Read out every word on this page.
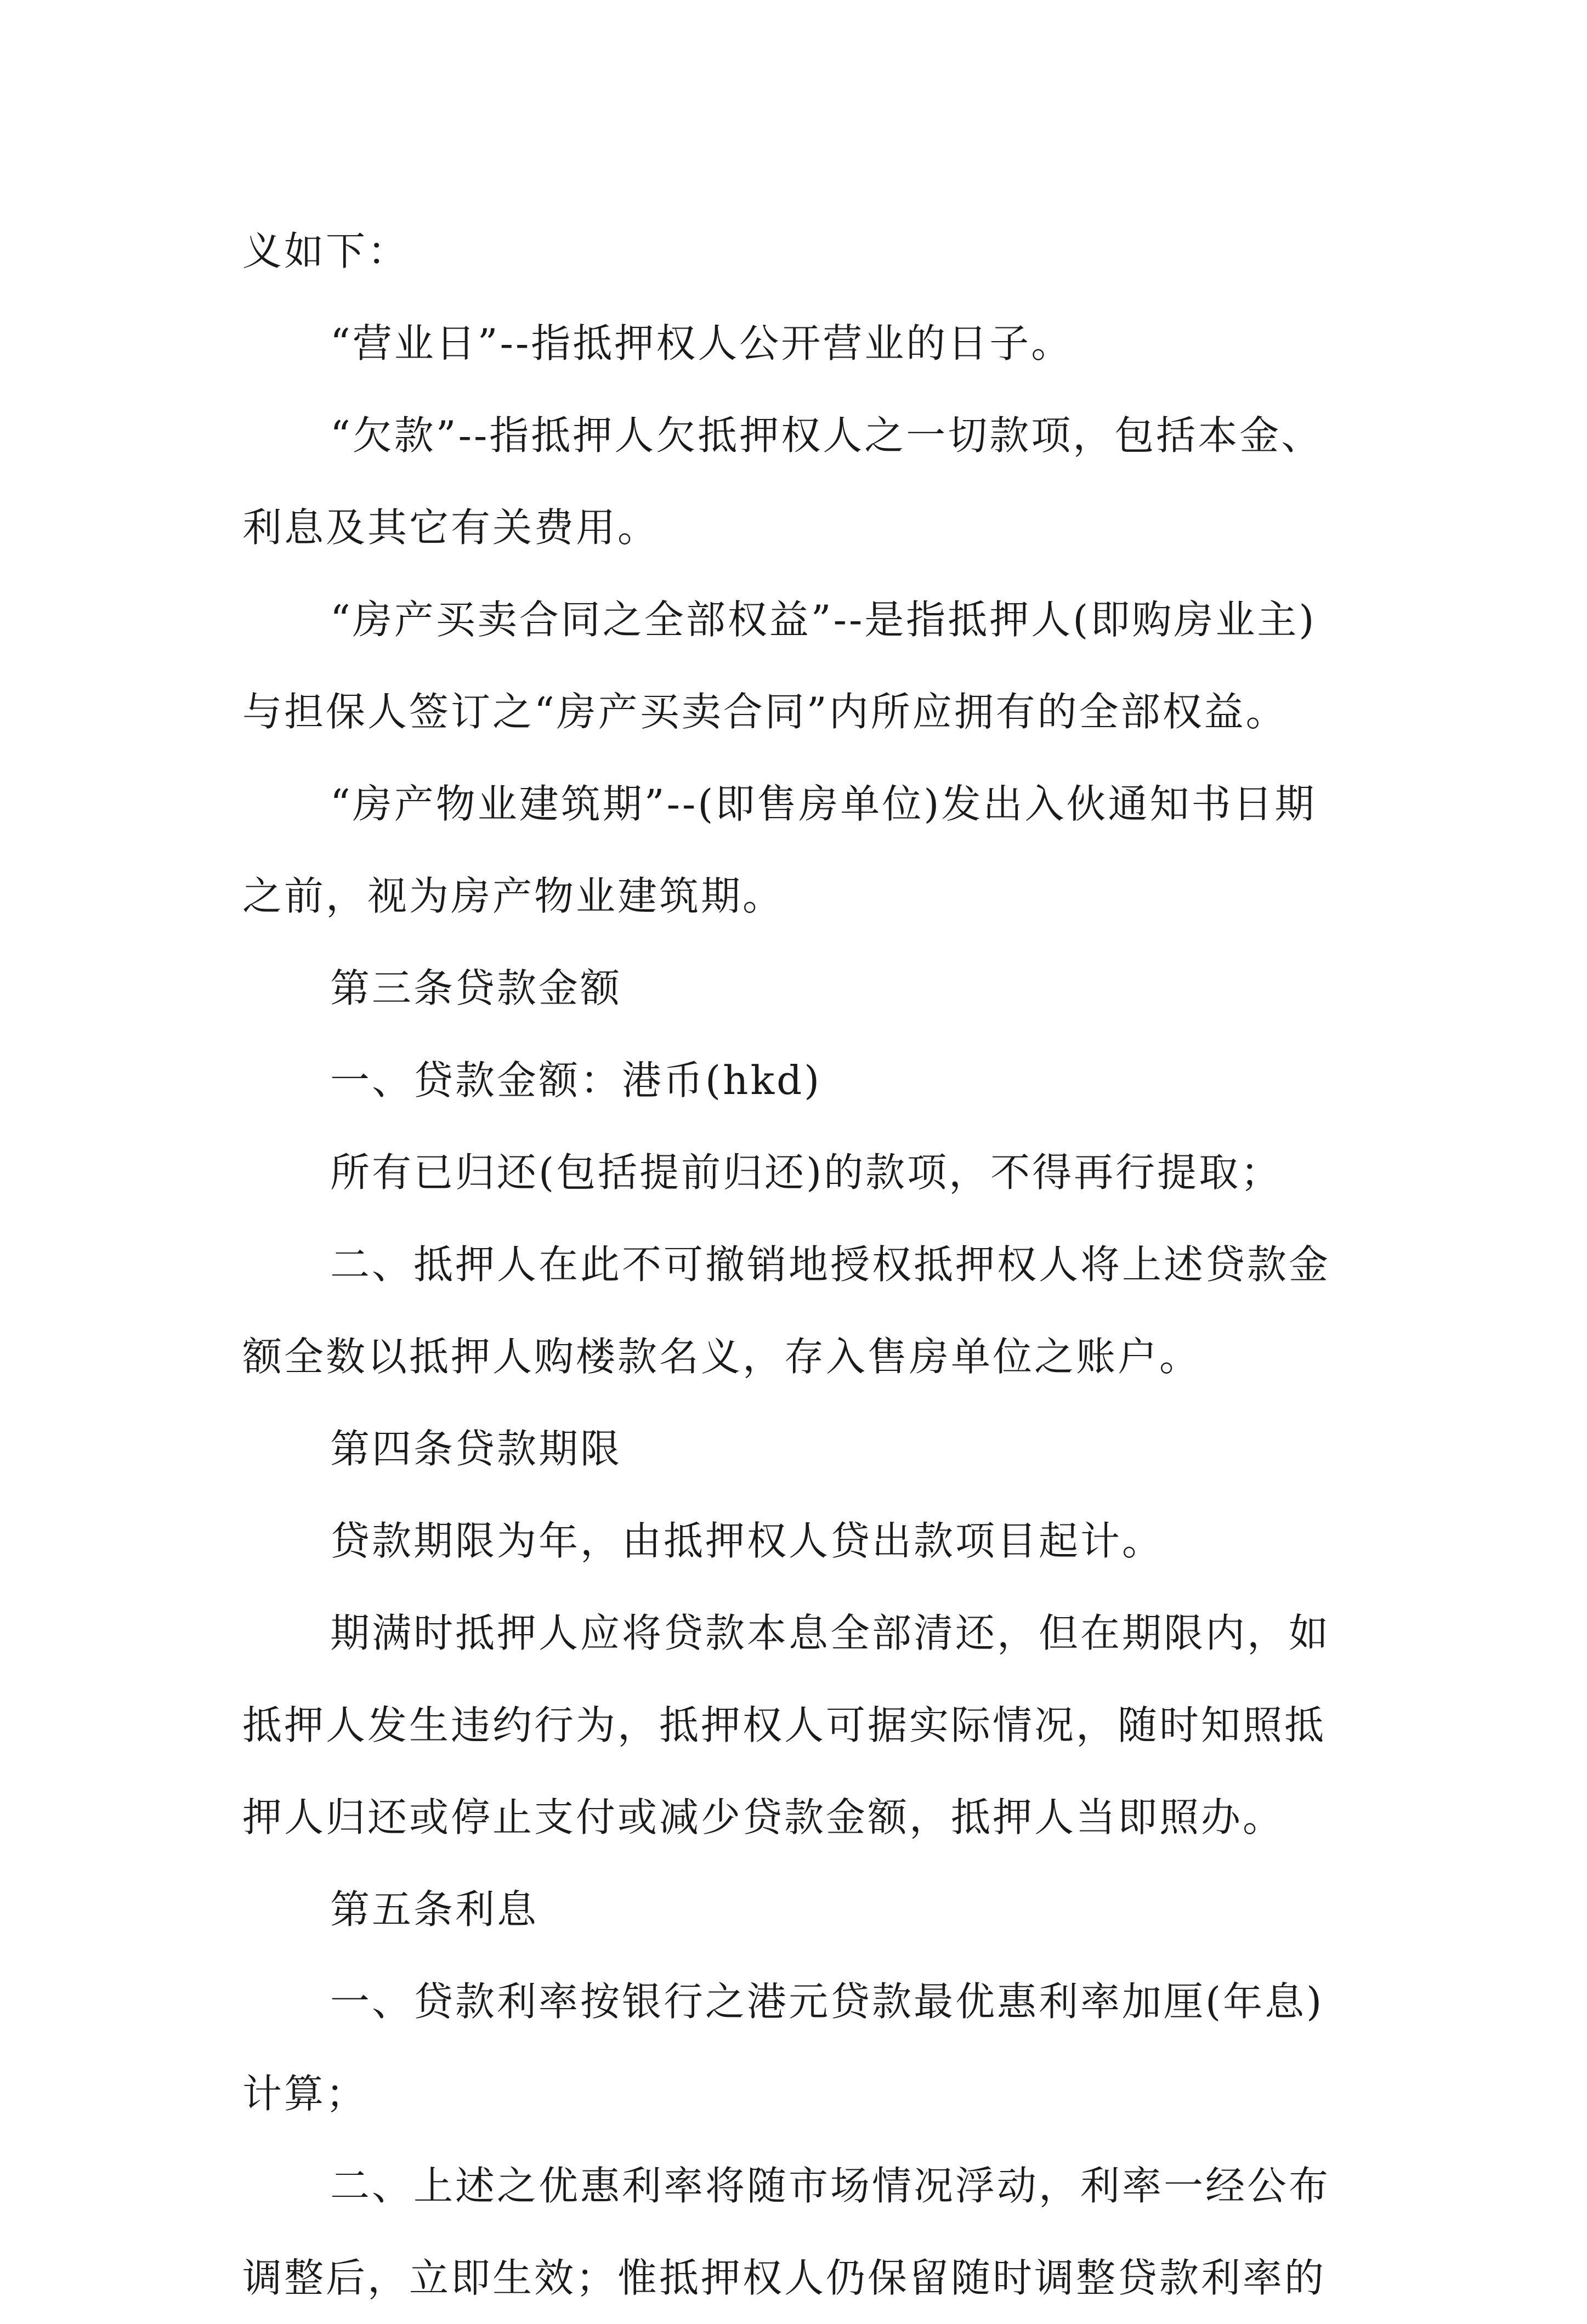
义如下：

“营业日”--指抵押权人公开营业的日子。

“欠款”--指抵押人欠抵押权人之一切款项，包括本金、利息及其它有关费用。

“房产买卖合同之全部权益”--是指抵押人(即购房业主)与担保人签订之“房产买卖合同”内所应拥有的全部权益。

“房产物业建筑期”--(即售房单位)发出入伙通知书日期之前，视为房产物业建筑期。

第三条贷款金额

一、贷款金额：港币(hkd)

所有已归还(包括提前归还)的款项，不得再行提取；

二、抵押人在此不可撤销地授权抵押权人将上述贷款金额全数以抵押人购楼款名义，存入售房单位之账户。

第四条贷款期限

贷款期限为年，由抵押权人贷出款项目起计。

期满时抵押人应将贷款本息全部清还，但在期限内，如抵押人发生违约行为，抵押权人可据实际情况，随时知照抵押人归还或停止支付或减少贷款金额，抵押人当即照办。

第五条利息

一、贷款利率按银行之港元贷款最优惠利率加厘(年息)计算；

二、上述之优惠利率将随市场情况浮动，利率一经公布调整后，立即生效；惟抵押权人仍保留随时调整贷款利率的
